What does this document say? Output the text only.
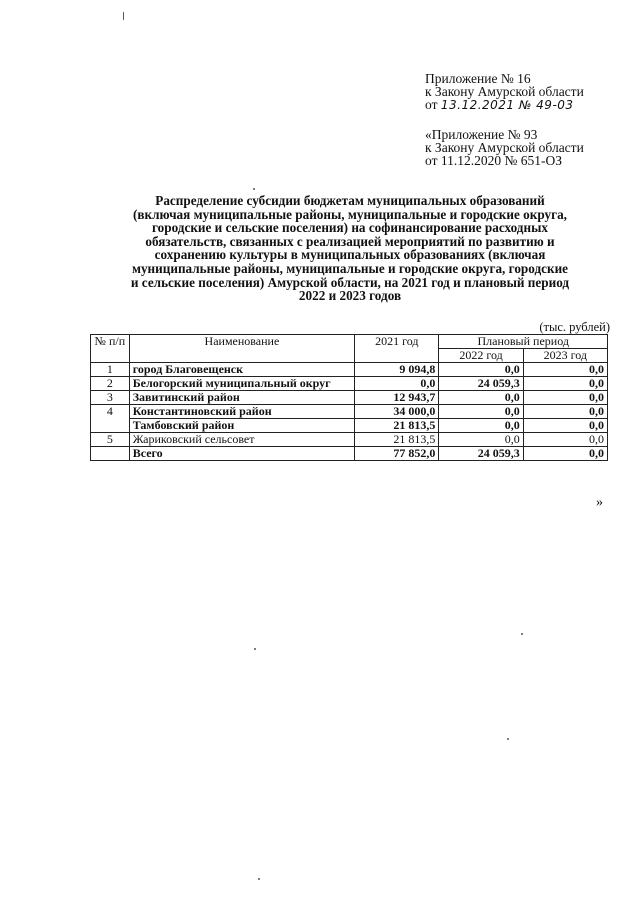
Приложение № 16
к Закону Амурской области
от 13.12.2021 № 49-03
«Приложение № 93
к Закону Амурской области
от 11.12.2020 № 651-ОЗ
Распределение субсидии бюджетам муниципальных образований
(включая муниципальные районы, муниципальные и городские округа,
городские и сельские поселения) на софинансирование расходных
обязательств, связанных с реализацией мероприятий по развитию и
сохранению культуры в муниципальных образованиях (включая
муниципальные районы, муниципальные и городские округа, городские
и сельские поселения) Амурской области, на 2021 год и плановый период
2022 и 2023 годов
(тыс. рублей)
№ п/п	Наименование	2021 год	Плановый период	
			2022 год	2023 год
1	город Благовещенск	9 094,8	0,0	0,0
2	Белогорский муниципальный округ	0,0	24 059,3	0,0
3	Завитинский район	12 943,7	0,0	0,0
4	Константиновский район	34 000,0	0,0	0,0
	Тамбовский район	21 813,5	0,0	0,0
5	Жариковский сельсовет	21 813,5	0,0	0,0
	Всего	77 852,0	24 059,3	0,0
»
